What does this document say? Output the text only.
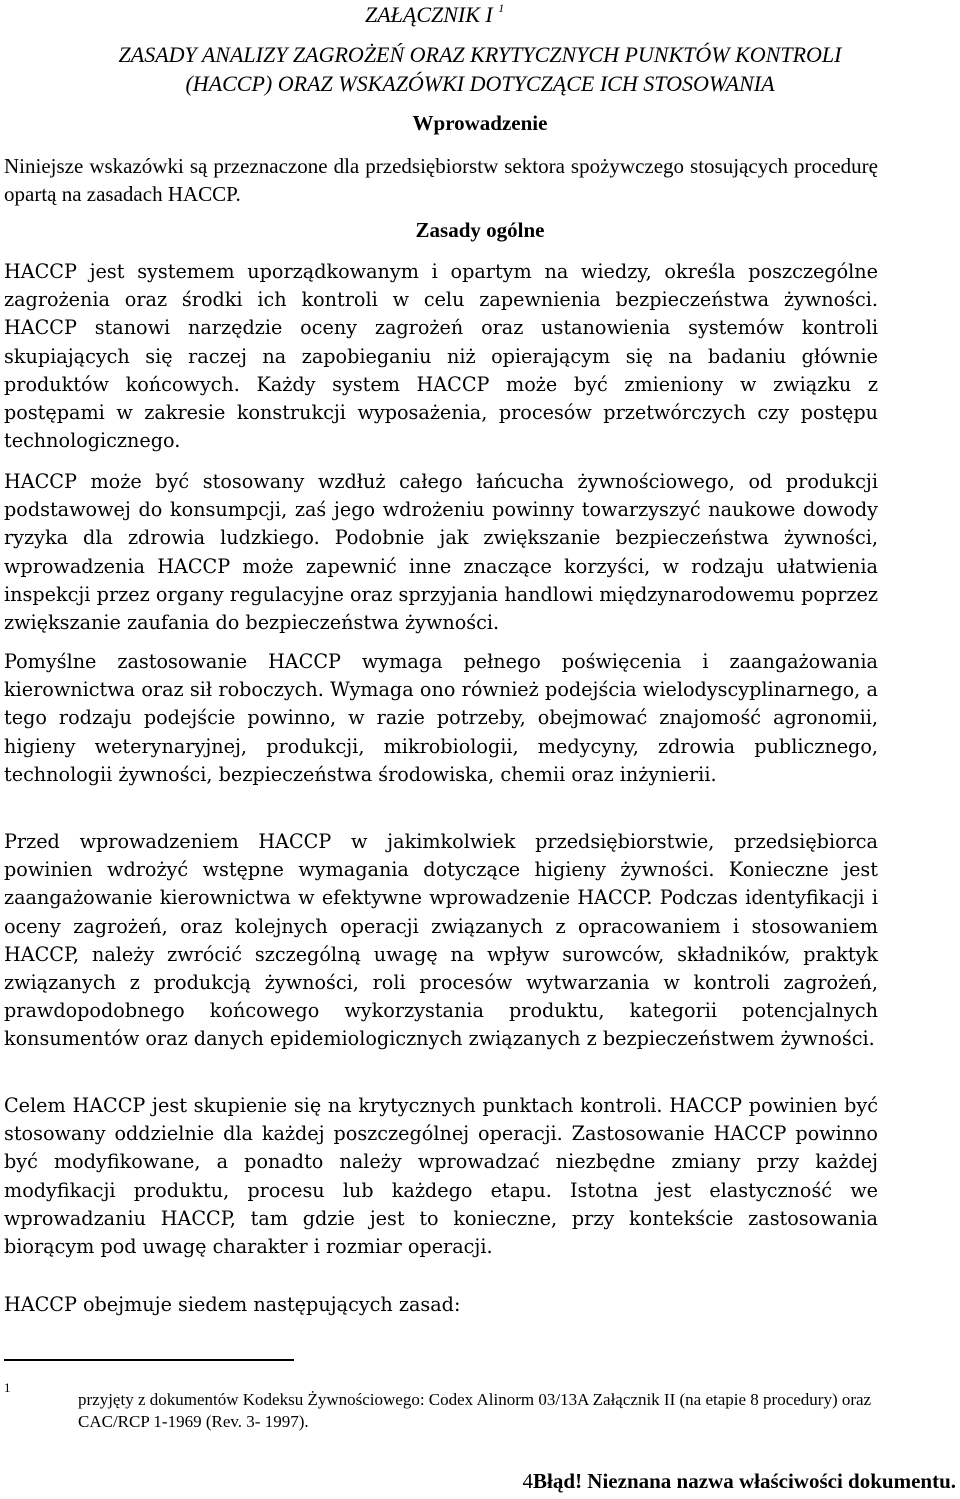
ZAŁĄCZNIK I $^1$
ZASADY ANALIZY ZAGROŻEŃ ORAZ KRYTYCZNYCH PUNKTÓW KONTROLI
(HACCP) ORAZ WSKAZÓWKI DOTYCZĄCE ICH STOSOWANIA
Wprowadzenie
Niniejsze wskazówki są przeznaczone dla przedsiębiorstw sektora spożywczego stosujących procedurę opartą na zasadach HACCP.
Zasady ogólne
HACCP jest systemem uporządkowanym i opartym na wiedzy, określa poszczególne zagrożenia oraz środki ich kontroli w celu zapewnienia bezpieczeństwa żywności. HACCP stanowi narzędzie oceny zagrożeń oraz ustanowienia systemów kontroli skupiających się raczej na zapobieganiu niż opierającym się na badaniu głównie produktów końcowych. Każdy system HACCP może być zmieniony w związku z postępami w zakresie konstrukcji wyposażenia, procesów przetwórczych czy postępu technologicznego.
HACCP może być stosowany wzdłuż całego łańcucha żywnościowego, od produkcji podstawowej do konsumpcji, zaś jego wdrożeniu powinny towarzyszyć naukowe dowody ryzyka dla zdrowia ludzkiego. Podobnie jak zwiększanie bezpieczeństwa żywności, wprowadzenia HACCP może zapewnić inne znaczące korzyści, w rodzaju ułatwienia inspekcji przez organy regulacyjne oraz sprzyjania handlowi międzynarodowemu poprzez zwiększanie zaufania do bezpieczeństwa żywności.
Pomyślne zastosowanie HACCP wymaga pełnego poświęcenia i zaangażowania kierownictwa oraz sił roboczych. Wymaga ono również podejścia wielodyscyplinarnego, a tego rodzaju podejście powinno, w razie potrzeby, obejmować znajomość agronomii, higieny weterynaryjnej, produkcji, mikrobiologii, medycyny, zdrowia publicznego, technologii żywności, bezpieczeństwa środowiska, chemii oraz inżynierii.
Przed wprowadzeniem HACCP w jakimkolwiek przedsiębiorstwie, przedsiębiorca powinien wdrożyć wstępne wymagania dotyczące higieny żywności. Konieczne jest zaangażowanie kierownictwa w efektywne wprowadzenie HACCP. Podczas identyfikacji i oceny zagrożeń, oraz kolejnych operacji związanych z opracowaniem i stosowaniem HACCP, należy zwrócić szczególną uwagę na wpływ surowców, składników, praktyk związanych z produkcją żywności, roli procesów wytwarzania w kontroli zagrożeń, prawdopodobnego końcowego wykorzystania produktu, kategorii potencjalnych konsumentów oraz danych epidemiologicznych związanych z bezpieczeństwem żywności.
Celem HACCP jest skupienie się na krytycznych punktach kontroli. HACCP powinien być stosowany oddzielnie dla każdej poszczególnej operacji. Zastosowanie HACCP powinno być modyfikowane, a ponadto należy wprowadzać niezbędne zmiany przy każdej modyfikacji produktu, procesu lub każdego etapu. Istotna jest elastyczność we wprowadzaniu HACCP, tam gdzie jest to konieczne, przy kontekście zastosowania biorącym pod uwagę charakter i rozmiar operacji.
HACCP obejmuje siedem następujących zasad:
1
przyjęty z dokumentów Kodeksu Żywnościowego: Codex Alinorm 03/13A Załącznik II (na etapie 8 procedury) oraz CAC/RCP 1-1969 (Rev. 3- 1997).
4Błąd! Nieznana nazwa właściwości dokumentu.
